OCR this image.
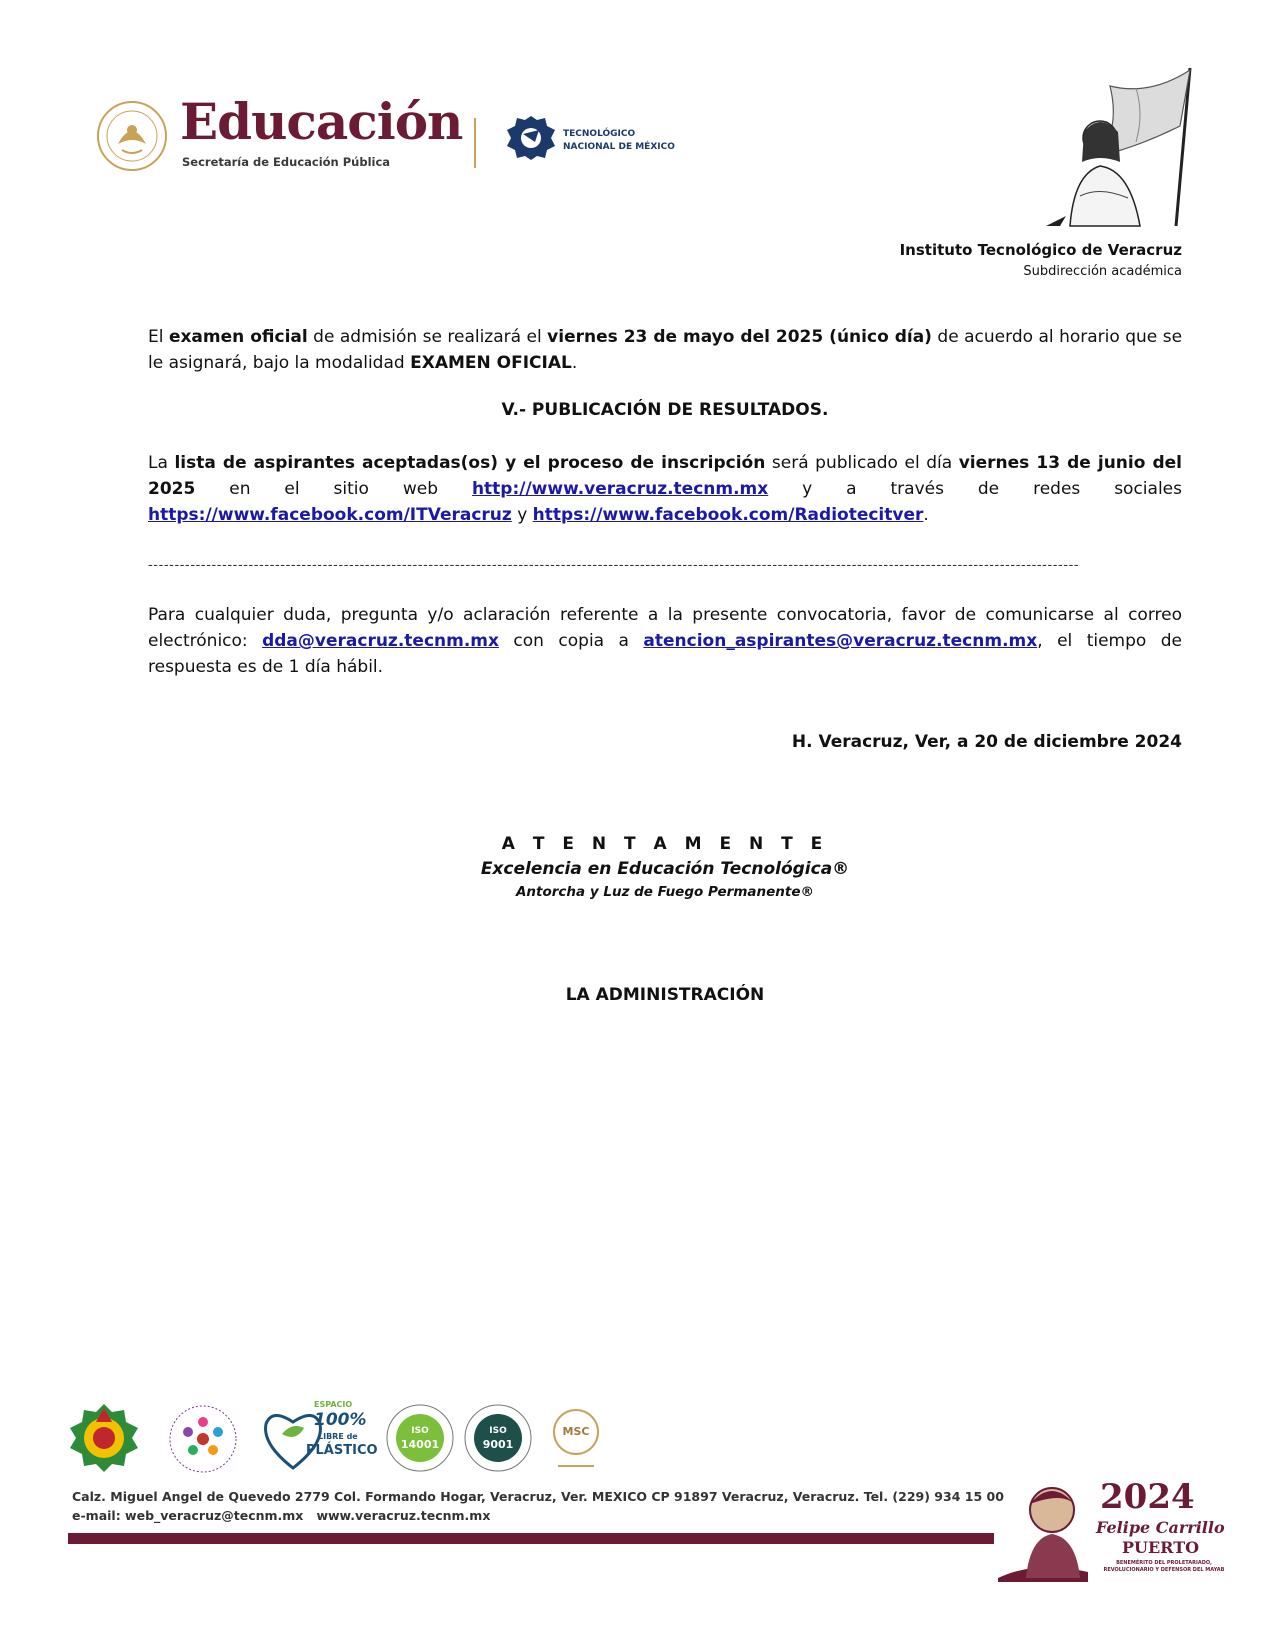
Educación
Secretaría de Educación Pública
TECNOLÓGICO
NACIONAL DE MÉXICO
Instituto Tecnológico de Veracruz
Subdirección académica
El examen oficial de admisión se realizará el viernes 23 de mayo del 2025 (único día) de acuerdo al horario que se le asignará, bajo la modalidad EXAMEN OFICIAL.
V.- PUBLICACIÓN DE RESULTADOS.
La lista de aspirantes aceptadas(os) y el proceso de inscripción será publicado el día viernes 13 de junio del 2025 en el sitio web http://www.veracruz.tecnm.mx y a través de redes sociales https://www.facebook.com/ITVeracruz y https://www.facebook.com/Radiotecitver.
--------------------------------------------------------------------------------------------------------------------------------------------------------------------------------
Para cualquier duda, pregunta y/o aclaración referente a la presente convocatoria, favor de comunicarse al correo electrónico: dda@veracruz.tecnm.mx con copia a atencion_aspirantes@veracruz.tecnm.mx, el tiempo de respuesta es de 1 día hábil.
H. Veracruz, Ver, a 20 de diciembre 2024
A T E N T A M E N T E
Excelencia en Educación Tecnológica®
Antorcha y Luz de Fuego Permanente®
LA ADMINISTRACIÓN
ESPACIO
100%
LIBRE de
PLÁSTICO
ISO
14001
ISO
9001
MSC
Calz. Miguel Angel de Quevedo 2779 Col. Formando Hogar, Veracruz, Ver. MEXICO CP 91897 Veracruz, Veracruz. Tel. (229) 934 15 00
e-mail: web_veracruz@tecnm.mx www.veracruz.tecnm.mx	2024
Felipe Carrillo
PUERTO
BENEMÉRITO DEL PROLETARIADO, REVOLUCIONARIO Y DEFENSOR DEL MAYAB
